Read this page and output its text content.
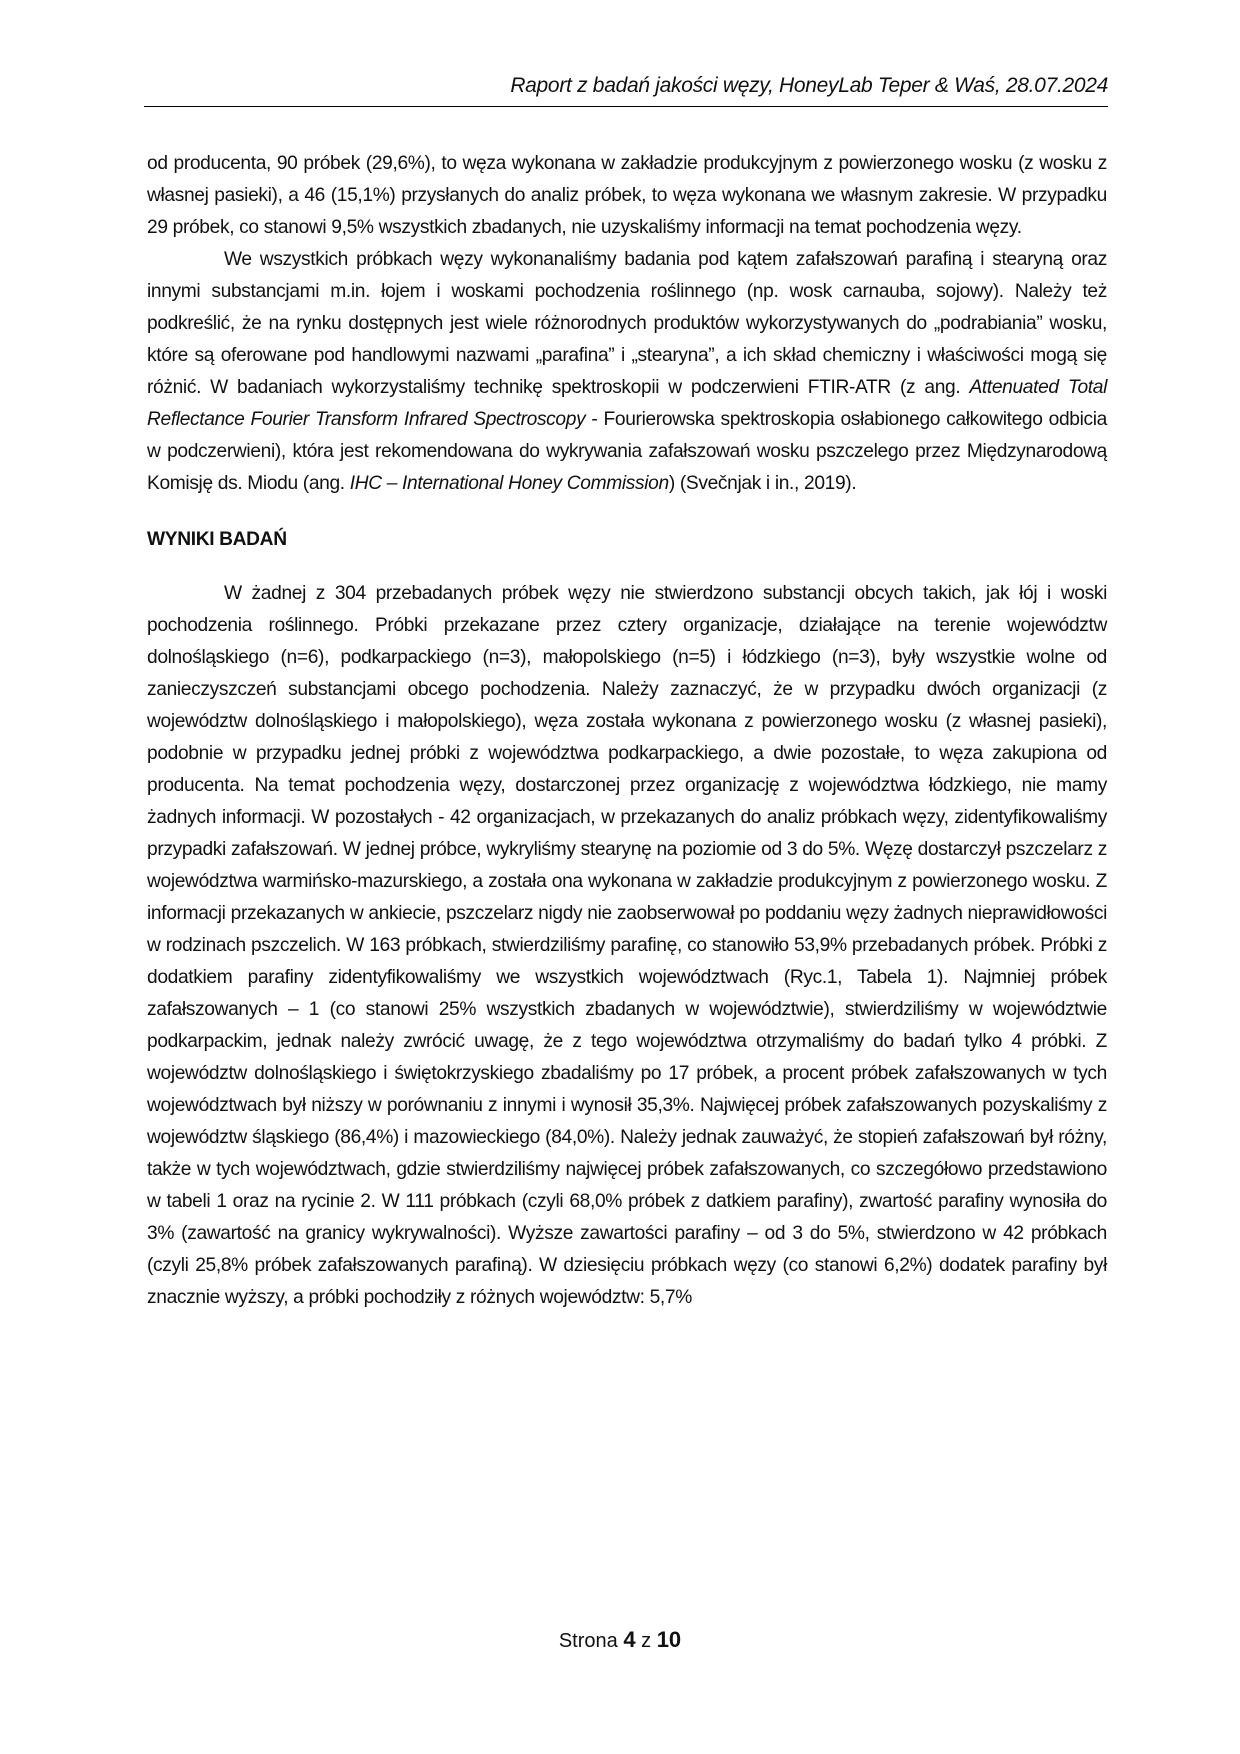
Raport z badań jakości węzy, HoneyLab Teper & Waś, 28.07.2024

od producenta, 90 próbek (29,6%), to węza wykonana w zakładzie produkcyjnym z powierzonego wosku (z wosku z własnej pasieki), a 46 (15,1%) przysłanych do analiz próbek, to węza wykonana we własnym zakresie. W przypadku 29 próbek, co stanowi 9,5% wszystkich zbadanych, nie uzyskaliśmy informacji na temat pochodzenia węzy.

We wszystkich próbkach węzy wykonanaliśmy badania pod kątem zafałszowań parafiną i stearyną oraz innymi substancjami m.in. łojem i woskami pochodzenia roślinnego (np. wosk carnauba, sojowy). Należy też podkreślić, że na rynku dostępnych jest wiele różnorodnych produktów wykorzystywanych do „podrabiania” wosku, które są oferowane pod handlowymi nazwami „parafina” i „stearyna”, a ich skład chemiczny i właściwości mogą się różnić. W badaniach wykorzystaliśmy technikę spektroskopii w podczerwieni FTIR-ATR (z ang. Attenuated Total Reflectance Fourier Transform Infrared Spectroscopy - Fourierowska spektroskopia osłabionego całkowitego odbicia w podczerwieni), która jest rekomendowana do wykrywania zafałszowań wosku pszczelego przez Międzynarodową Komisję ds. Miodu (ang. IHC – International Honey Commission) (Svečnjak i in., 2019).

WYNIKI BADAŃ

W żadnej z 304 przebadanych próbek węzy nie stwierdzono substancji obcych takich, jak łój i woski pochodzenia roślinnego. Próbki przekazane przez cztery organizacje, działające na terenie województw dolnośląskiego (n=6), podkarpackiego (n=3), małopolskiego (n=5) i łódzkiego (n=3), były wszystkie wolne od zanieczyszczeń substancjami obcego pochodzenia. Należy zaznaczyć, że w przypadku dwóch organizacji (z województw dolnośląskiego i małopolskiego), węza została wykonana z powierzonego wosku (z własnej pasieki), podobnie w przypadku jednej próbki z województwa podkarpackiego, a dwie pozostałe, to węza zakupiona od producenta. Na temat pochodzenia węzy, dostarczonej przez organizację z województwa łódzkiego, nie mamy żadnych informacji. W pozostałych - 42 organizacjach, w przekazanych do analiz próbkach węzy, zidentyfikowaliśmy przypadki zafałszowań. W jednej próbce, wykryliśmy stearynę na poziomie od 3 do 5%. Węzę dostarczył pszczelarz z województwa warmińsko-mazurskiego, a została ona wykonana w zakładzie produkcyjnym z powierzonego wosku. Z informacji przekazanych w ankiecie, pszczelarz nigdy nie zaobserwował po poddaniu węzy żadnych nieprawidłowości w rodzinach pszczelich. W 163 próbkach, stwierdziliśmy parafinę, co stanowiło 53,9% przebadanych próbek. Próbki z dodatkiem parafiny zidentyfikowaliśmy we wszystkich województwach (Ryc.1, Tabela 1). Najmniej próbek zafałszowanych – 1 (co stanowi 25% wszystkich zbadanych w województwie), stwierdziliśmy w województwie podkarpackim, jednak należy zwrócić uwagę, że z tego województwa otrzymaliśmy do badań tylko 4 próbki. Z województw dolnośląskiego i świętokrzyskiego zbadaliśmy po 17 próbek, a procent próbek zafałszowanych w tych województwach był niższy w porównaniu z innymi i wynosił 35,3%. Najwięcej próbek zafałszowanych pozyskaliśmy z województw śląskiego (86,4%) i mazowieckiego (84,0%). Należy jednak zauważyć, że stopień zafałszowań był różny, także w tych województwach, gdzie stwierdziliśmy najwięcej próbek zafałszowanych, co szczegółowo przedstawiono w tabeli 1 oraz na rycinie 2. W 111 próbkach (czyli 68,0% próbek z datkiem parafiny), zwartość parafiny wynosiła do 3% (zawartość na granicy wykrywalności). Wyższe zawartości parafiny – od 3 do 5%, stwierdzono w 42 próbkach (czyli 25,8% próbek zafałszowanych parafiną). W dziesięciu próbkach węzy (co stanowi 6,2%) dodatek parafiny był znacznie wyższy, a próbki pochodziły z różnych województw: 5,7%

Strona 4 z 10
